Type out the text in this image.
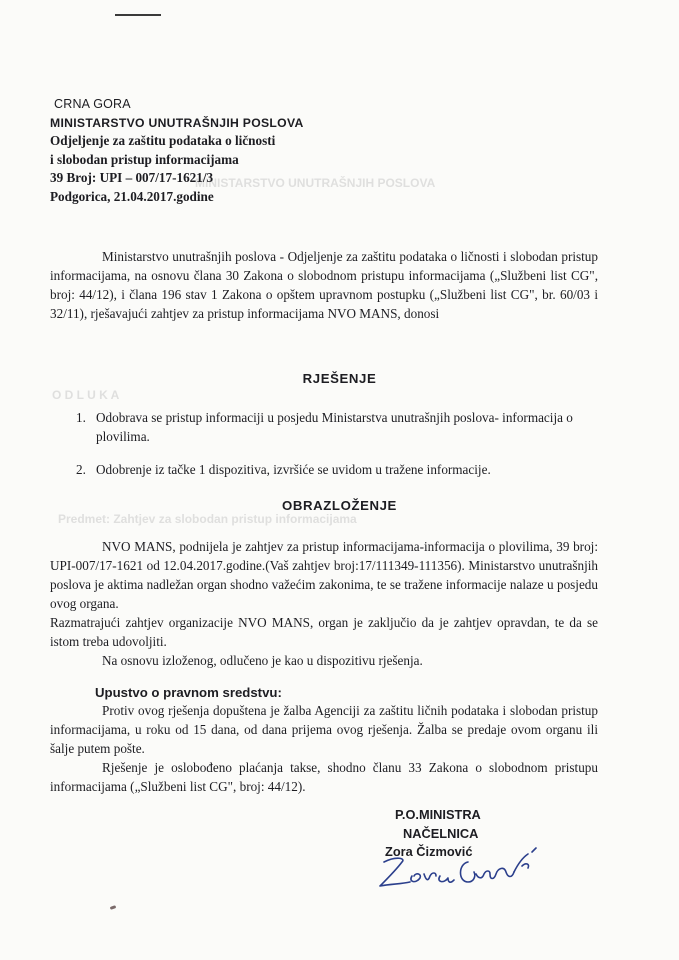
MINISTARSTVO UNUTRAŠNJIH POSLOVA
O D L U K A
Predmet: Zahtjev za slobodan pristup informacijama
CRNA GORA
MINISTARSTVO UNUTRAŠNJIH POSLOVA
Odjeljenje za zaštitu podataka o ličnosti
i slobodan pristup informacijama
39 Broj: UPI – 007/17-1621/3
Podgorica, 21.04.2017.godine
Ministarstvo unutrašnjih poslova - Odjeljenje za zaštitu podataka o ličnosti i slobodan pristup informacijama, na osnovu člana 30 Zakona o slobodnom pristupu informacijama („Službeni list CG", broj: 44/12), i člana 196 stav 1 Zakona o opštem upravnom postupku („Službeni list CG", br. 60/03 i 32/11), rješavajući zahtjev za pristup informacijama NVO MANS, donosi
RJEŠENJE
1. Odobrava se pristup informaciji u posjedu Ministarstva unutrašnjih poslova- informacija o plovilima.
2. Odobrenje iz tačke 1 dispozitiva, izvršiće se uvidom u tražene informacije.
OBRAZLOŽENJE
NVO MANS, podnijela je zahtjev za pristup informacijama-informacija o plovilima, 39 broj: UPI-007/17-1621 od 12.04.2017.godine.(Vaš zahtjev broj:17/111349-111356). Ministarstvo unutrašnjih poslova je aktima nadležan organ shodno važećim zakonima, te se tražene informacije nalaze u posjedu ovog organa.
Razmatrajući zahtjev organizacije NVO MANS, organ je zaključio da je zahtjev opravdan, te da se istom treba udovoljiti.
Na osnovu izloženog, odlučeno je kao u dispozitivu rješenja.
Upustvo o pravnom sredstvu:
Protiv ovog rješenja dopuštena je žalba Agenciji za zaštitu ličnih podataka i slobodan pristup informacijama, u roku od 15 dana, od dana prijema ovog rješenja. Žalba se predaje ovom organu ili šalje putem pošte.
Rješenje je oslobođeno plaćanja takse, shodno članu 33 Zakona o slobodnom pristupu informacijama („Službeni list CG", broj: 44/12).
P.O.MINISTRA
NAČELNICA
Zora Čizmović
